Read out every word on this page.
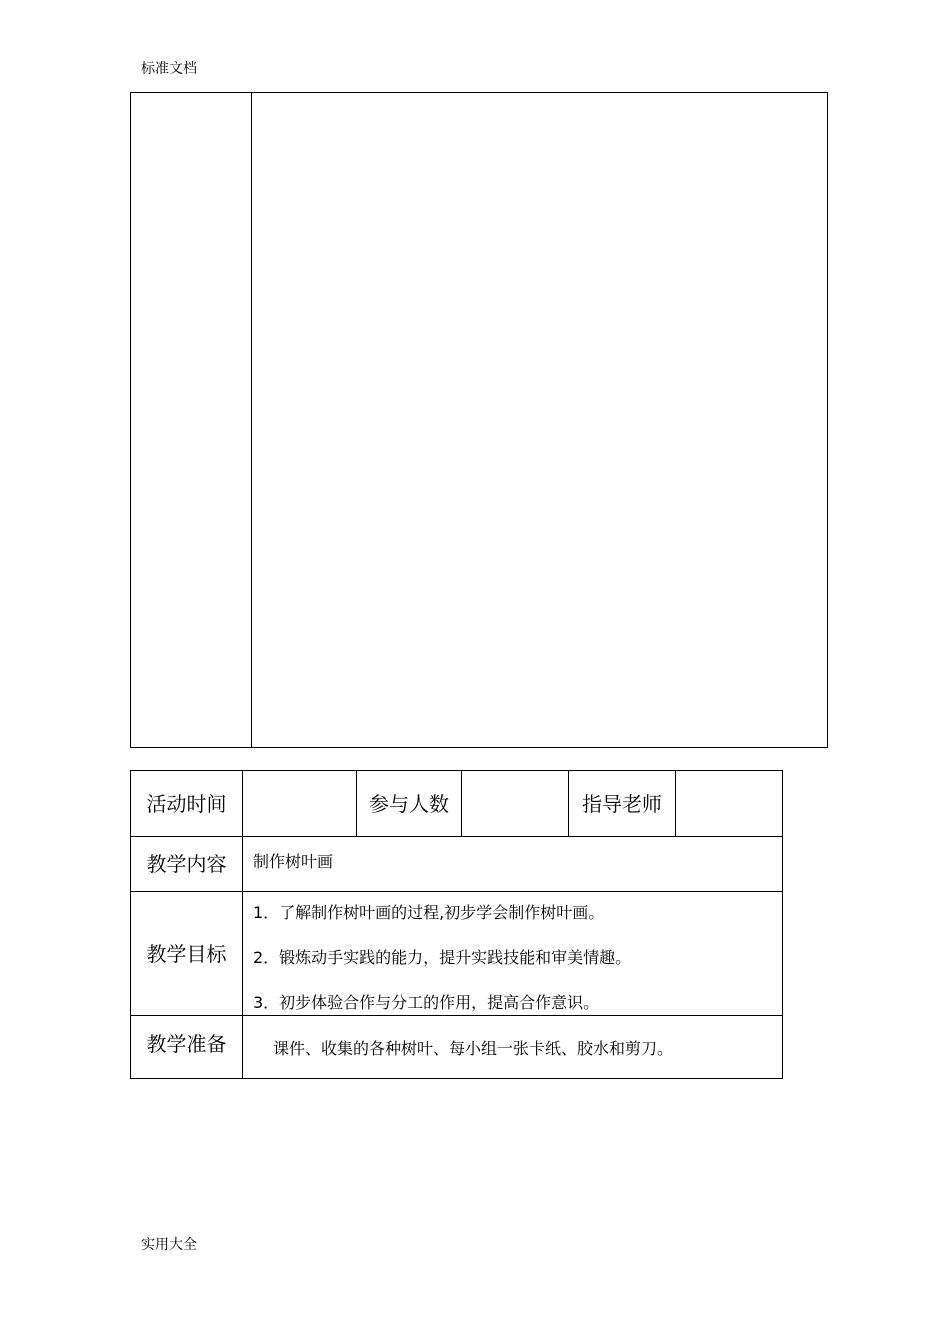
标准文档
活动时间		参与人数		指导老师	
教学内容	制作树叶画				
教学目标	1．了解制作树叶画的过程,初步学会制作树叶画。
2．锻炼动手实践的能力，提升实践技能和审美情趣。
3．初步体验合作与分工的作用，提高合作意识。				

教学准备	课件、收集的各种树叶、每小组一张卡纸、胶水和剪刀。				
实用大全
